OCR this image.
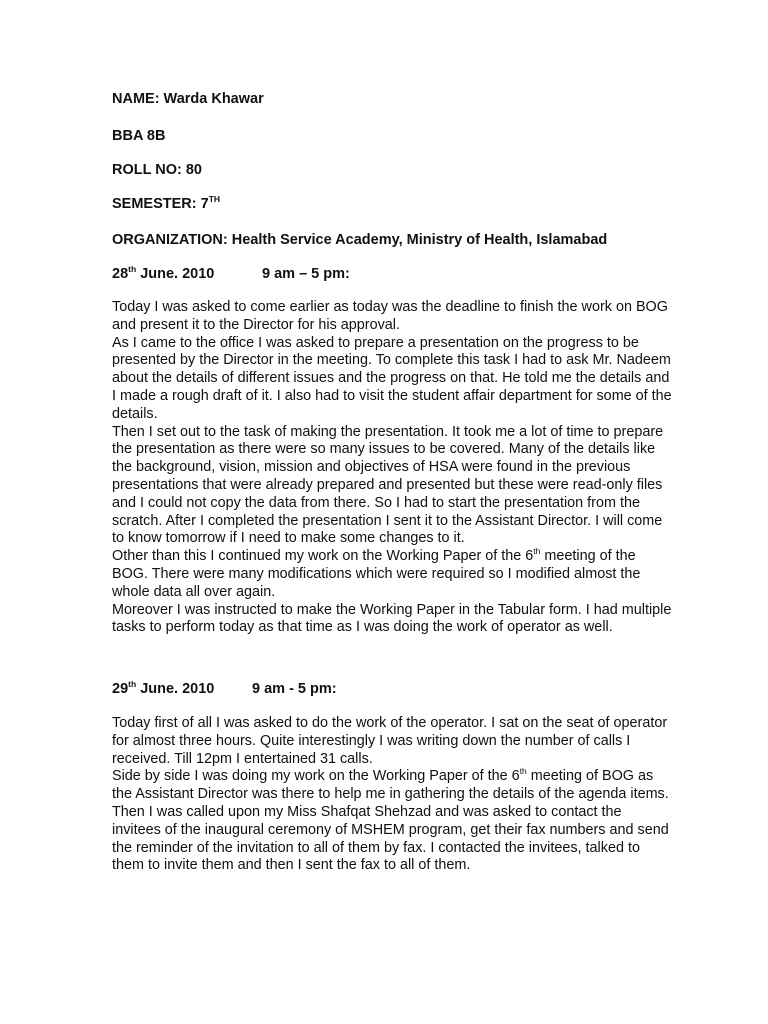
NAME: Warda Khawar
BBA 8B
ROLL NO: 80
SEMESTER: 7TH
ORGANIZATION: Health Service Academy, Ministry of Health, Islamabad
28th June. 2010	9 am – 5 pm:

Today I was asked to come earlier as today was the deadline to finish the work on BOG and present it to the Director for his approval.

As I came to the office I was asked to prepare a presentation on the progress to be presented by the Director in the meeting. To complete this task I had to ask Mr. Nadeem about the details of different issues and the progress on that. He told me the details and I made a rough draft of it. I also had to visit the student affair department for some of the details.

Then I set out to the task of making the presentation. It took me a lot of time to prepare the presentation as there were so many issues to be covered. Many of the details like the background, vision, mission and objectives of HSA were found in the previous presentations that were already prepared and presented but these were read-only files and I could not copy the data from there. So I had to start the presentation from the scratch. After I completed the presentation I sent it to the Assistant Director. I will come to know tomorrow if I need to make some changes to it.

Other than this I continued my work on the Working Paper of the 6th meeting of the BOG. There were many modifications which were required so I modified almost the whole data all over again.

Moreover I was instructed to make the Working Paper in the Tabular form. I had multiple tasks to perform today as that time as I was doing the work of operator as well.

29th June. 2010	9 am - 5 pm:

Today first of all I was asked to do the work of the operator. I sat on the seat of operator for almost three hours. Quite interestingly I was writing down the number of calls I received. Till 12pm I entertained 31 calls.

Side by side I was doing my work on the Working Paper of the 6th meeting of BOG as the Assistant Director was there to help me in gathering the details of the agenda items.

Then I was called upon my Miss Shafqat Shehzad and was asked to contact the invitees of the inaugural ceremony of MSHEM program, get their fax numbers and send the reminder of the invitation to all of them by fax. I contacted the invitees, talked to them to invite them and then I sent the fax to all of them.
